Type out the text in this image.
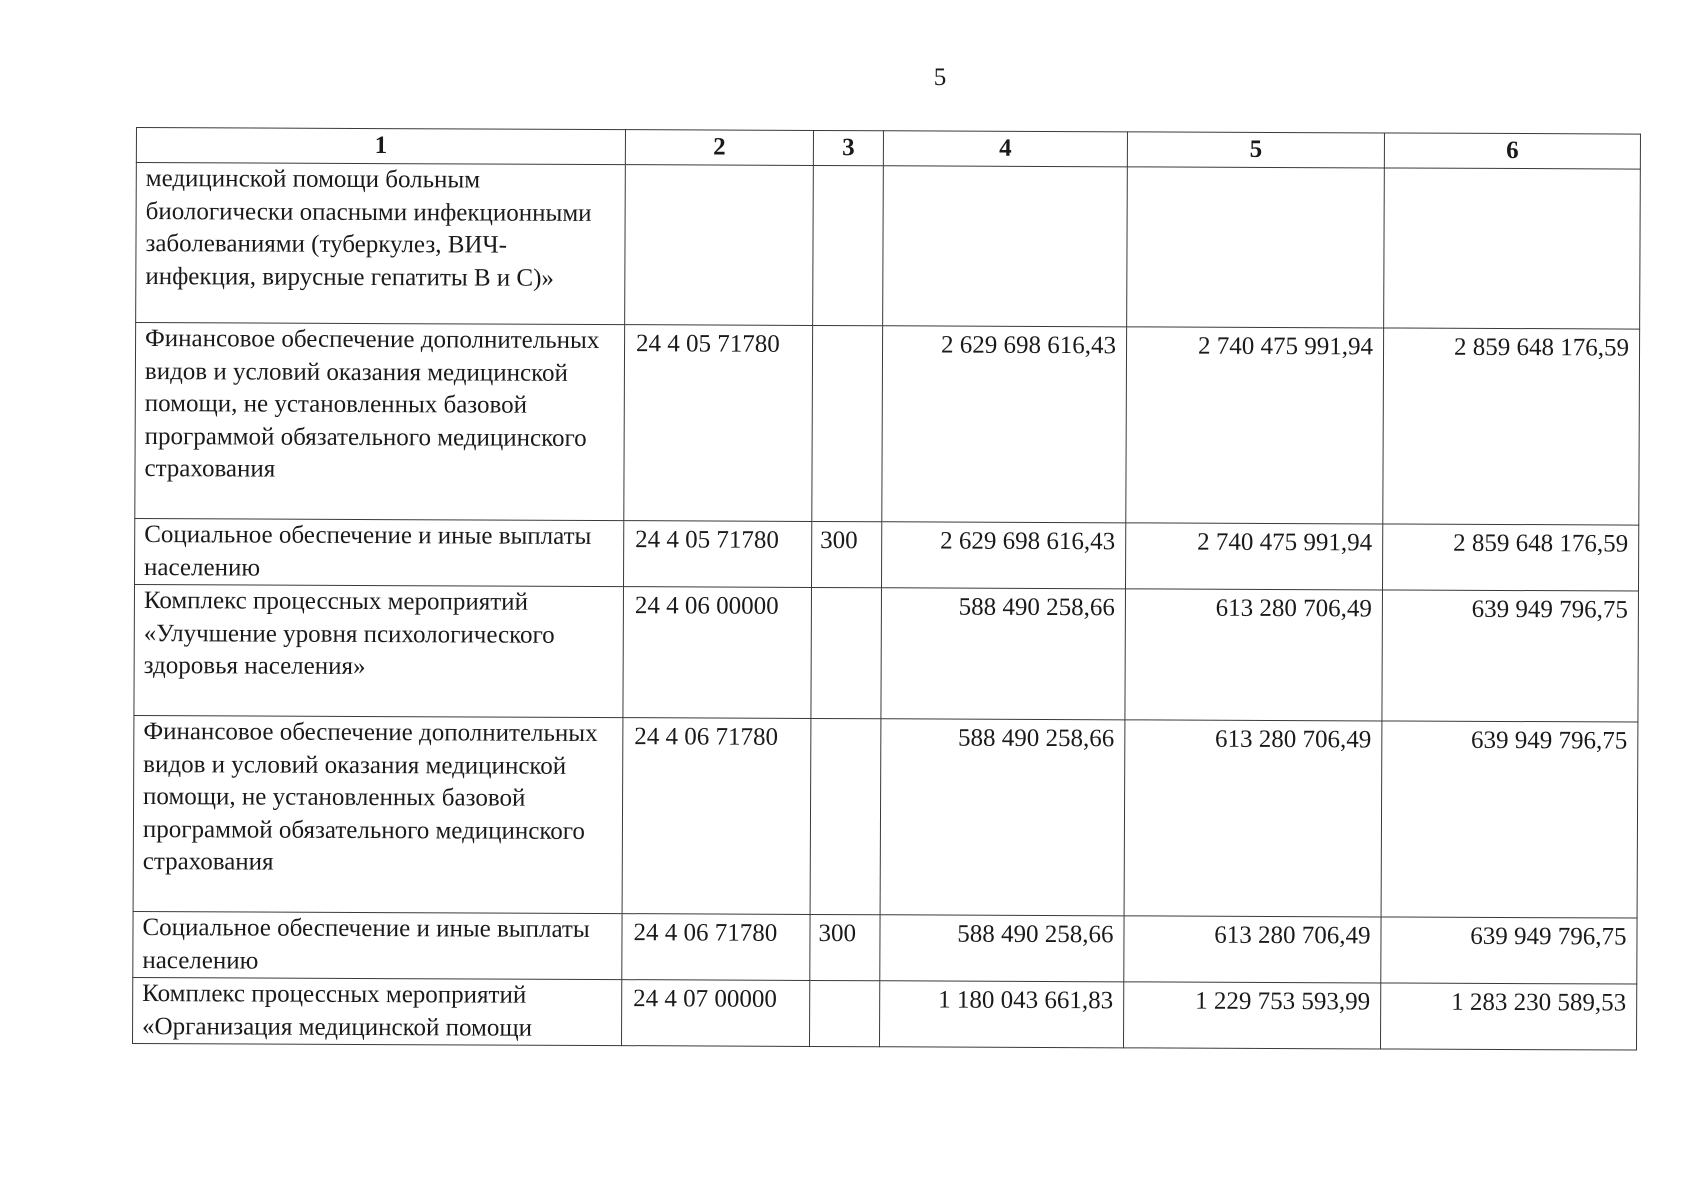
5
1	2	3	4	5	6
медицинской помощи больным биологически опасными инфекционными заболеваниями (туберкулез, ВИЧ-инфекция, вирусные гепатиты В и С)»					
Финансовое обеспечение дополнительных видов и условий оказания медицинской помощи, не установленных базовой программой обязательного медицинского страхования	24 4 05 71780		2 629 698 616,43	2 740 475 991,94	2 859 648 176,59
Социальное обеспечение и иные выплаты населению	24 4 05 71780	300	2 629 698 616,43	2 740 475 991,94	2 859 648 176,59
Комплекс процессных мероприятий «Улучшение уровня психологического здоровья населения»	24 4 06 00000		588 490 258,66	613 280 706,49	639 949 796,75
Финансовое обеспечение дополнительных видов и условий оказания медицинской помощи, не установленных базовой программой обязательного медицинского страхования	24 4 06 71780		588 490 258,66	613 280 706,49	639 949 796,75
Социальное обеспечение и иные выплаты населению	24 4 06 71780	300	588 490 258,66	613 280 706,49	639 949 796,75
Комплекс процессных мероприятий «Организация медицинской помощи	24 4 07 00000		1 180 043 661,83	1 229 753 593,99	1 283 230 589,53
